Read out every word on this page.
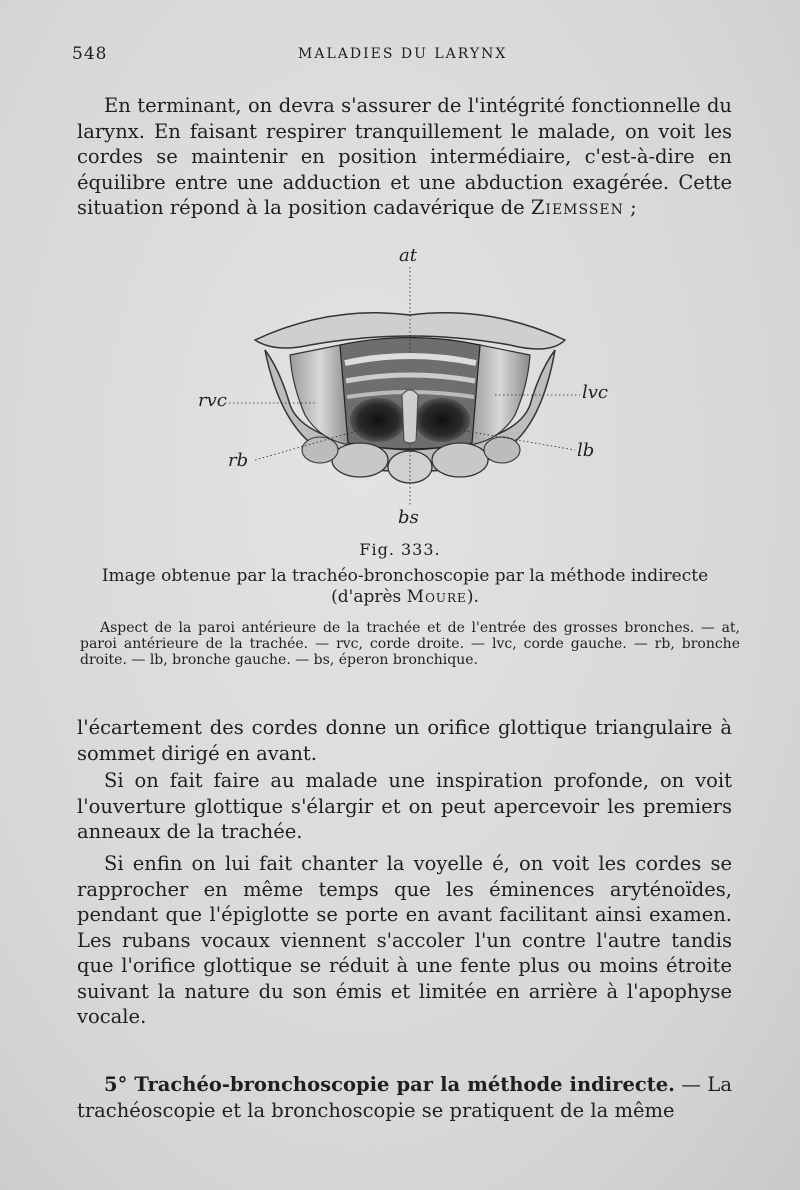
548	MALADIES DU LARYNX

En terminant, on devra s'assurer de l'intégrité fonctionnelle du larynx. En faisant respirer tranquillement le malade, on voit les cordes se maintenir en position intermédiaire, c'est-à-dire en équilibre entre une adduction et une abduction exagérée. Cette situation répond à la position cadavérique de Ziemssen ;

at
rvc	lvc
rb	lb
bs
Fig. 333.
Image obtenue par la trachéo-bronchoscopie par la méthode indirecte (d'après Moure).
Aspect de la paroi antérieure de la trachée et de l'entrée des grosses bronches. — at, paroi antérieure de la trachée. — rvc, corde droite. — lvc, corde gauche. — rb, bronche droite. — lb, bronche gauche. — bs, éperon bronchique.

l'écartement des cordes donne un orifice glottique triangulaire à sommet dirigé en avant.

Si on fait faire au malade une inspiration profonde, on voit l'ouverture glottique s'élargir et on peut apercevoir les premiers anneaux de la trachée.

Si enfin on lui fait chanter la voyelle é, on voit les cordes se rapprocher en même temps que les éminences aryténoïdes, pendant que l'épiglotte se porte en avant facilitant ainsi examen. Les rubans vocaux viennent s'accoler l'un contre l'autre tandis que l'orifice glottique se réduit à une fente plus ou moins étroite suivant la nature du son émis et limitée en arrière à l'apophyse vocale.

5° Trachéo-bronchoscopie par la méthode indirecte. — La trachéoscopie et la bronchoscopie se pratiquent de la même
